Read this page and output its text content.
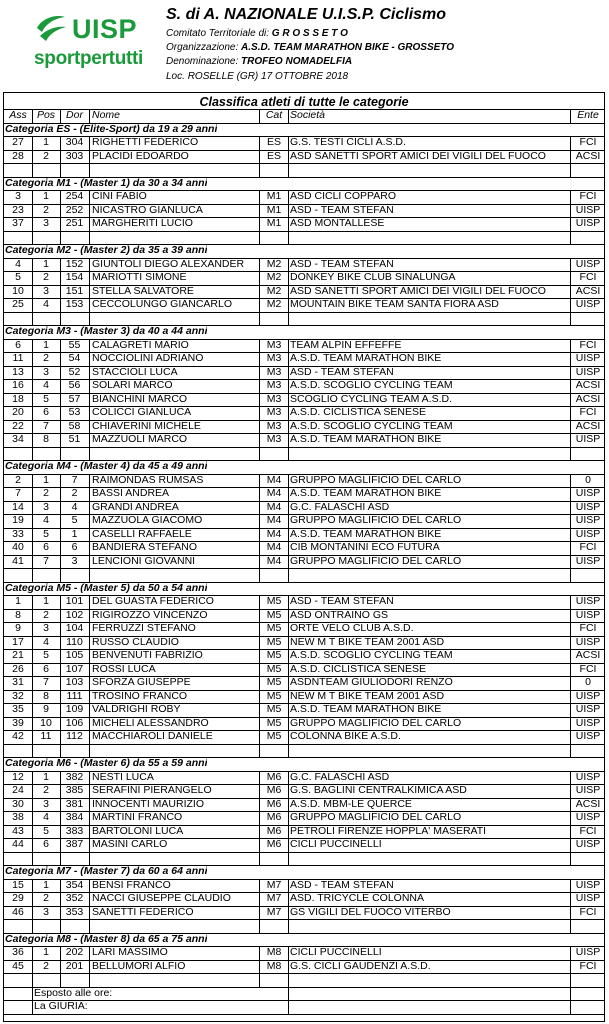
UISP
sportpertutti
S. di A. NAZIONALE U.I.S.P. Ciclismo
Comitato Territoriale di: G R O S S E T O
Organizzazione: A.S.D. TEAM MARATHON BIKE - GROSSETO
Denominazione: TROFEO NOMADELFIA
Loc. ROSELLE (GR) 17 OTTOBRE 2018
Classifica atleti di tutte le categorie
Ass Pos	Dor Nome	Cat Società	Ente
Categoria ES - (Elite-Sport) da 19 a 29 anni
27	1	304 RIGHETTI FEDERICO	ES G.S. TESTI CICLI A.S.D.	FCI
28	2	303 PLACIDI EDOARDO	ES ASD SANETTI SPORT AMICI DEI VIGILI DEL FUOCO	ACSI
Categoria M1 - (Master 1) da 30 a 34 anni
3	1	254 CINI FABIO	M1 ASD CICLI COPPARO	FCI
23	2	252 NICASTRO GIANLUCA	M1 ASD - TEAM STEFAN	UISP
37	3	251 MARGHERITI LUCIO	M1 ASD MONTALLESE	UISP
Categoria M2 - (Master 2) da 35 a 39 anni
4	1	152 GIUNTOLI DIEGO ALEXANDER	M2 ASD - TEAM STEFAN	UISP
5	2	154 MARIOTTI SIMONE	M2 DONKEY BIKE CLUB SINALUNGA	FCI
10	3	151 STELLA SALVATORE	M2 ASD SANETTI SPORT AMICI DEI VIGILI DEL FUOCO	ACSI
25	4	153 CECCOLUNGO GIANCARLO	M2 MOUNTAIN BIKE TEAM SANTA FIORA ASD	UISP
Categoria M3 - (Master 3) da 40 a 44 anni
6	1	55	CALAGRETI MARIO	M3 TEAM ALPIN EFFEFFE	FCI
11	2	54	NOCCIOLINI ADRIANO	M3 A.S.D. TEAM MARATHON BIKE	UISP
13	3	52	STACCIOLI LUCA	M3 ASD - TEAM STEFAN	UISP
16	4	56	SOLARI MARCO	M3 A.S.D. SCOGLIO CYCLING TEAM	ACSI
18	5	57	BIANCHINI MARCO	M3 SCOGLIO CYCLING TEAM A.S.D.	ACSI
20	6	53	COLICCI GIANLUCA	M3 A.S.D. CICLISTICA SENESE	FCI
22	7	58	CHIAVERINI MICHELE	M3 A.S.D. SCOGLIO CYCLING TEAM	ACSI
34	8	51	MAZZUOLI MARCO	M3 A.S.D. TEAM MARATHON BIKE	UISP
Categoria M4 - (Master 4) da 45 a 49 anni
2	1	7	RAIMONDAS RUMSAS	M4 GRUPPO MAGLIFICIO DEL CARLO	0
7	2	2	BASSI ANDREA	M4 A.S.D. TEAM MARATHON BIKE	UISP
14	3	4	GRANDI ANDREA	M4 G.C. FALASCHI ASD	UISP
19	4	5	MAZZUOLA GIACOMO	M4 GRUPPO MAGLIFICIO DEL CARLO	UISP
33	5	1	CASELLI RAFFAELE	M4 A.S.D. TEAM MARATHON BIKE	UISP
40	6	6	BANDIERA STEFANO	M4 CIB MONTANINI ECO FUTURA	FCI
41	7	3	LENCIONI GIOVANNI	M4 GRUPPO MAGLIFICIO DEL CARLO	UISP
Categoria M5 - (Master 5) da 50 a 54 anni
1	1	101 DEL GUASTA FEDERICO	M5 ASD - TEAM STEFAN	UISP
8	2	102 RIGIROZZO VINCENZO	M5 ASD ONTRAINO GS	UISP
9	3	104 FERRUZZI STEFANO	M5 ORTE VELO CLUB A.S.D.	FCI
17	4	110 RUSSO CLAUDIO	M5 NEW M T BIKE TEAM 2001 ASD	UISP
21	5	105 BENVENUTI FABRIZIO	M5 A.S.D. SCOGLIO CYCLING TEAM	ACSI
26	6	107 ROSSI LUCA	M5 A.S.D. CICLISTICA SENESE	FCI
31	7	103 SFORZA GIUSEPPE	M5 ASDNTEAM GIULIODORI RENZO	0
32	8	111 TROSINO FRANCO	M5 NEW M T BIKE TEAM 2001 ASD	UISP
35	9	109 VALDRIGHI ROBY	M5 A.S.D. TEAM MARATHON BIKE	UISP
39	10	106 MICHELI ALESSANDRO	M5 GRUPPO MAGLIFICIO DEL CARLO	UISP
42	11	112 MACCHIAROLI DANIELE	M5 COLONNA BIKE A.S.D.	UISP
Categoria M6 - (Master 6) da 55 a 59 anni
12	1	382 NESTI LUCA	M6 G.C. FALASCHI ASD	UISP
24	2	385 SERAFINI PIERANGELO	M6 G.S. BAGLINI CENTRALKIMICA ASD	UISP
30	3	381 INNOCENTI MAURIZIO	M6 A.S.D. MBM-LE QUERCE	ACSI
38	4	384 MARTINI FRANCO	M6 GRUPPO MAGLIFICIO DEL CARLO	UISP
43	5	383 BARTOLONI LUCA	M6 PETROLI FIRENZE HOPPLA' MASERATI	FCI
44	6	387 MASINI CARLO	M6 CICLI PUCCINELLI	UISP
Categoria M7 - (Master 7) da 60 a 64 anni
15	1	354 BENSI FRANCO	M7 ASD - TEAM STEFAN	UISP
29	2	352 NACCI GIUSEPPE CLAUDIO	M7 ASD. TRICYCLE COLONNA	UISP
46	3	353 SANETTI FEDERICO	M7 GS VIGILI DEL FUOCO VITERBO	FCI
Categoria M8 - (Master 8) da 65 a 75 anni
36	1	202 LARI MASSIMO	M8 CICLI PUCCINELLI	UISP
45	2	201 BELLUMORI ALFIO	M8 G.S. CICLI GAUDENZI A.S.D.	FCI
Esposto alle ore:
La GIURIA:
